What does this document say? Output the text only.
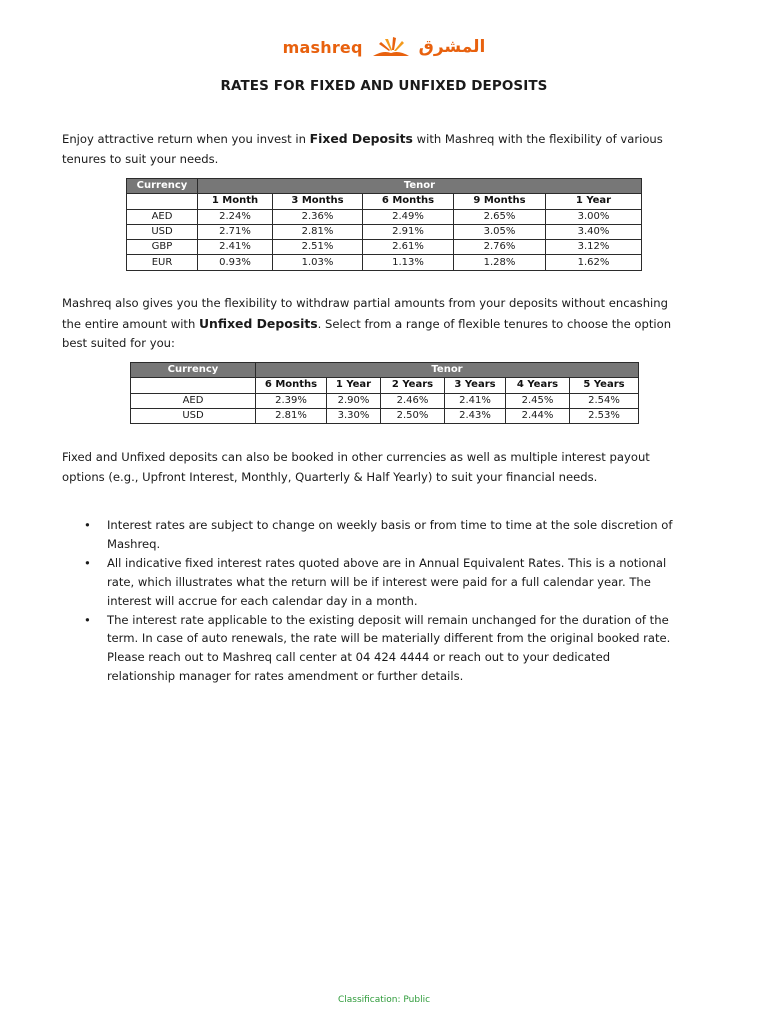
mashreq	المشرق
RATES FOR FIXED AND UNFIXED DEPOSITS

Enjoy attractive return when you invest in Fixed Deposits with Mashreq with the flexibility of various tenures to suit your needs.

Currency	Tenor				
	1 Month	3 Months	6 Months	9 Months	1 Year
AED	2.24%	2.36%	2.49%	2.65%	3.00%
USD	2.71%	2.81%	2.91%	3.05%	3.40%
GBP	2.41%	2.51%	2.61%	2.76%	3.12%
EUR	0.93%	1.03%	1.13%	1.28%	1.62%

Mashreq also gives you the flexibility to withdraw partial amounts from your deposits without encashing the entire amount with Unfixed Deposits. Select from a range of flexible tenures to choose the option best suited for you:

Currency	Tenor					
	6 Months	1 Year	2 Years	3 Years	4 Years	5 Years
AED	2.39%	2.90%	2.46%	2.41%	2.45%	2.54%
USD	2.81%	3.30%	2.50%	2.43%	2.44%	2.53%

Fixed and Unfixed deposits can also be booked in other currencies as well as multiple interest payout options (e.g., Upfront Interest, Monthly, Quarterly & Half Yearly) to suit your financial needs.

• Interest rates are subject to change on weekly basis or from time to time at the sole discretion of Mashreq.
• All indicative fixed interest rates quoted above are in Annual Equivalent Rates. This is a notional rate, which illustrates what the return will be if interest were paid for a full calendar year. The interest will accrue for each calendar day in a month.
• The interest rate applicable to the existing deposit will remain unchanged for the duration of the term. In case of auto renewals, the rate will be materially different from the original booked rate. Please reach out to Mashreq call center at 04 424 4444 or reach out to your dedicated relationship manager for rates amendment or further details.
Classification: Public
